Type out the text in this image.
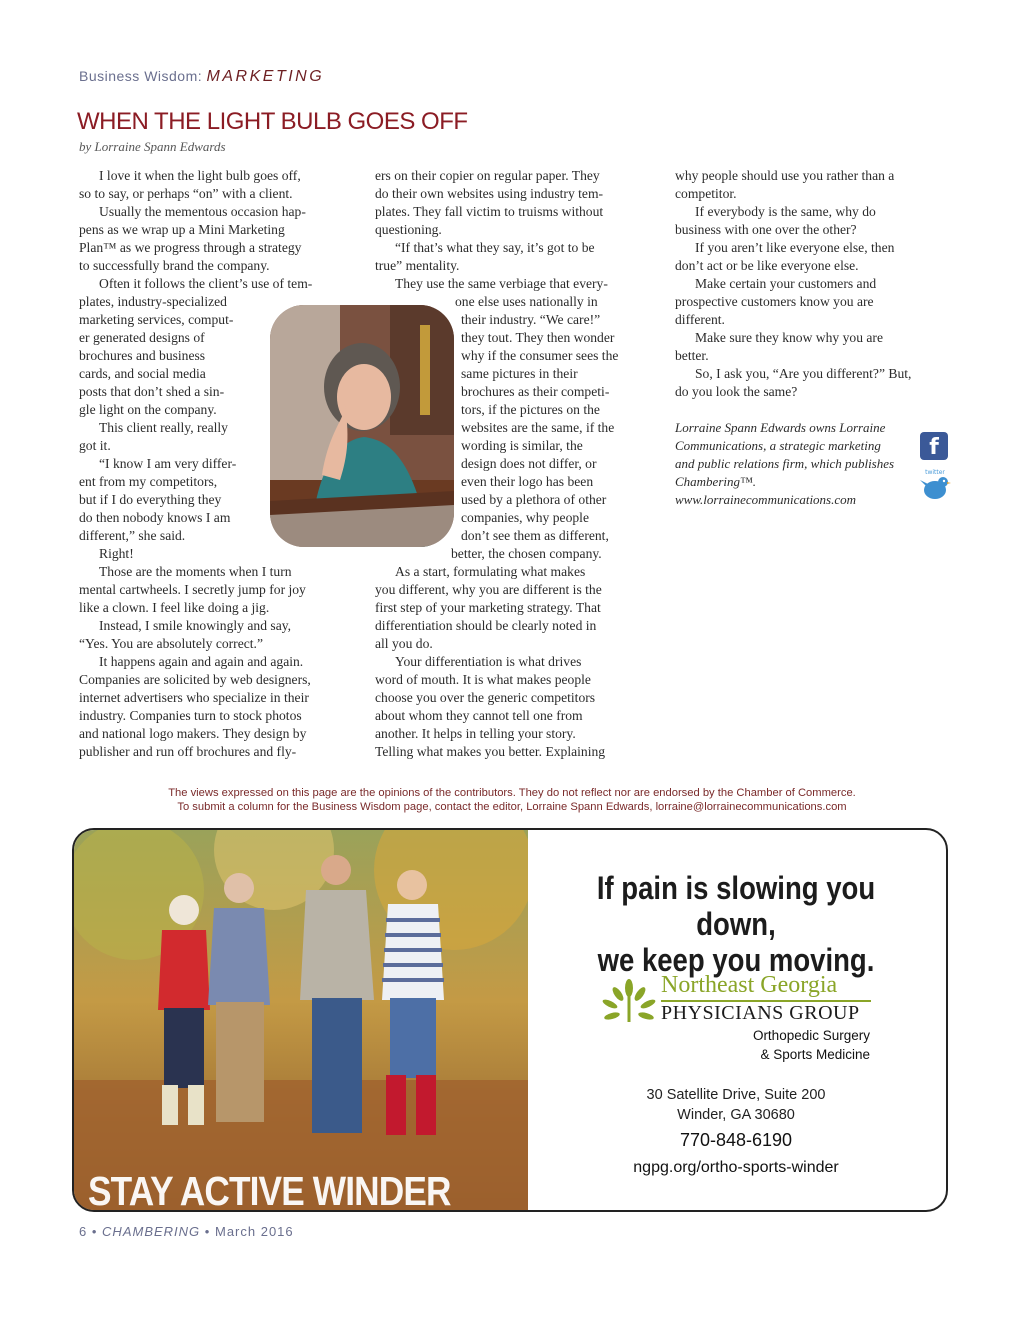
Business Wisdom: MARKETING
WHEN THE LIGHT BULB GOES OFF
by Lorraine Spann Edwards
I love it when the light bulb goes off,
so to say, or perhaps “on” with a client.
Usually the mementous occasion hap-
pens as we wrap up a Mini Marketing
Plan™ as we progress through a strategy
to successfully brand the company.
Often it follows the client’s use of tem-
plates, industry-specialized
marketing services, comput-
er generated designs of
brochures and business
cards, and social media
posts that don’t shed a sin-
gle light on the company.
This client really, really
got it.
“I know I am very differ-
ent from my competitors,
but if I do everything they
do then nobody knows I am
different,” she said.
Right!
Those are the moments when I turn
mental cartwheels. I secretly jump for joy
like a clown. I feel like doing a jig.
Instead, I smile knowingly and say,
“Yes. You are absolutely correct.”
It happens again and again and again.
Companies are solicited by web designers,
internet advertisers who specialize in their
industry. Companies turn to stock photos
and national logo makers. They design by
publisher and run off brochures and fly-
ers on their copier on regular paper. They
do their own websites using industry tem-
plates. They fall victim to truisms without
questioning.
“If that’s what they say, it’s got to be
true” mentality.
They use the same verbiage that every-
one else uses nationally in
their industry. “We care!”
they tout. They then wonder
why if the consumer sees the
same pictures in their
brochures as their competi-
tors, if the pictures on the
websites are the same, if the
wording is similar, the
design does not differ, or
even their logo has been
used by a plethora of other
companies, why people
don’t see them as different,
better, the chosen company.
As a start, formulating what makes
you different, why you are different is the
first step of your marketing strategy. That
differentiation should be clearly noted in
all you do.
Your differentiation is what drives
word of mouth. It is what makes people
choose you over the generic competitors
about whom they cannot tell one from
another. It helps in telling your story.
Telling what makes you better. Explaining
why people should use you rather than a
competitor.
If everybody is the same, why do
business with one over the other?
If you aren’t like everyone else, then
don’t act or be like everyone else.
Make certain your customers and
prospective customers know you are
different.
Make sure they know why you are
better.
So, I ask you, “Are you different?” But,
do you look the same?
Lorraine Spann Edwards owns Lorraine
Communications, a strategic marketing
and public relations firm, which publishes
Chambering™.
www.lorrainecommunications.com
f
twitter
The views expressed on this page are the opinions of the contributors. They do not reflect nor are endorsed by the Chamber of Commerce.
To submit a column for the Business Wisdom page, contact the editor, Lorraine Spann Edwards, lorraine@lorrainecommunications.com
STAY ACTIVE WINDER
If pain is slowing you down,
we keep you moving.
Northeast Georgia
PHYSICIANS GROUP
Orthopedic Surgery
& Sports Medicine
30 Satellite Drive, Suite 200
Winder, GA 30680
770-848-6190
ngpg.org/ortho-sports-winder
6 • CHAMBERING • March 2016
